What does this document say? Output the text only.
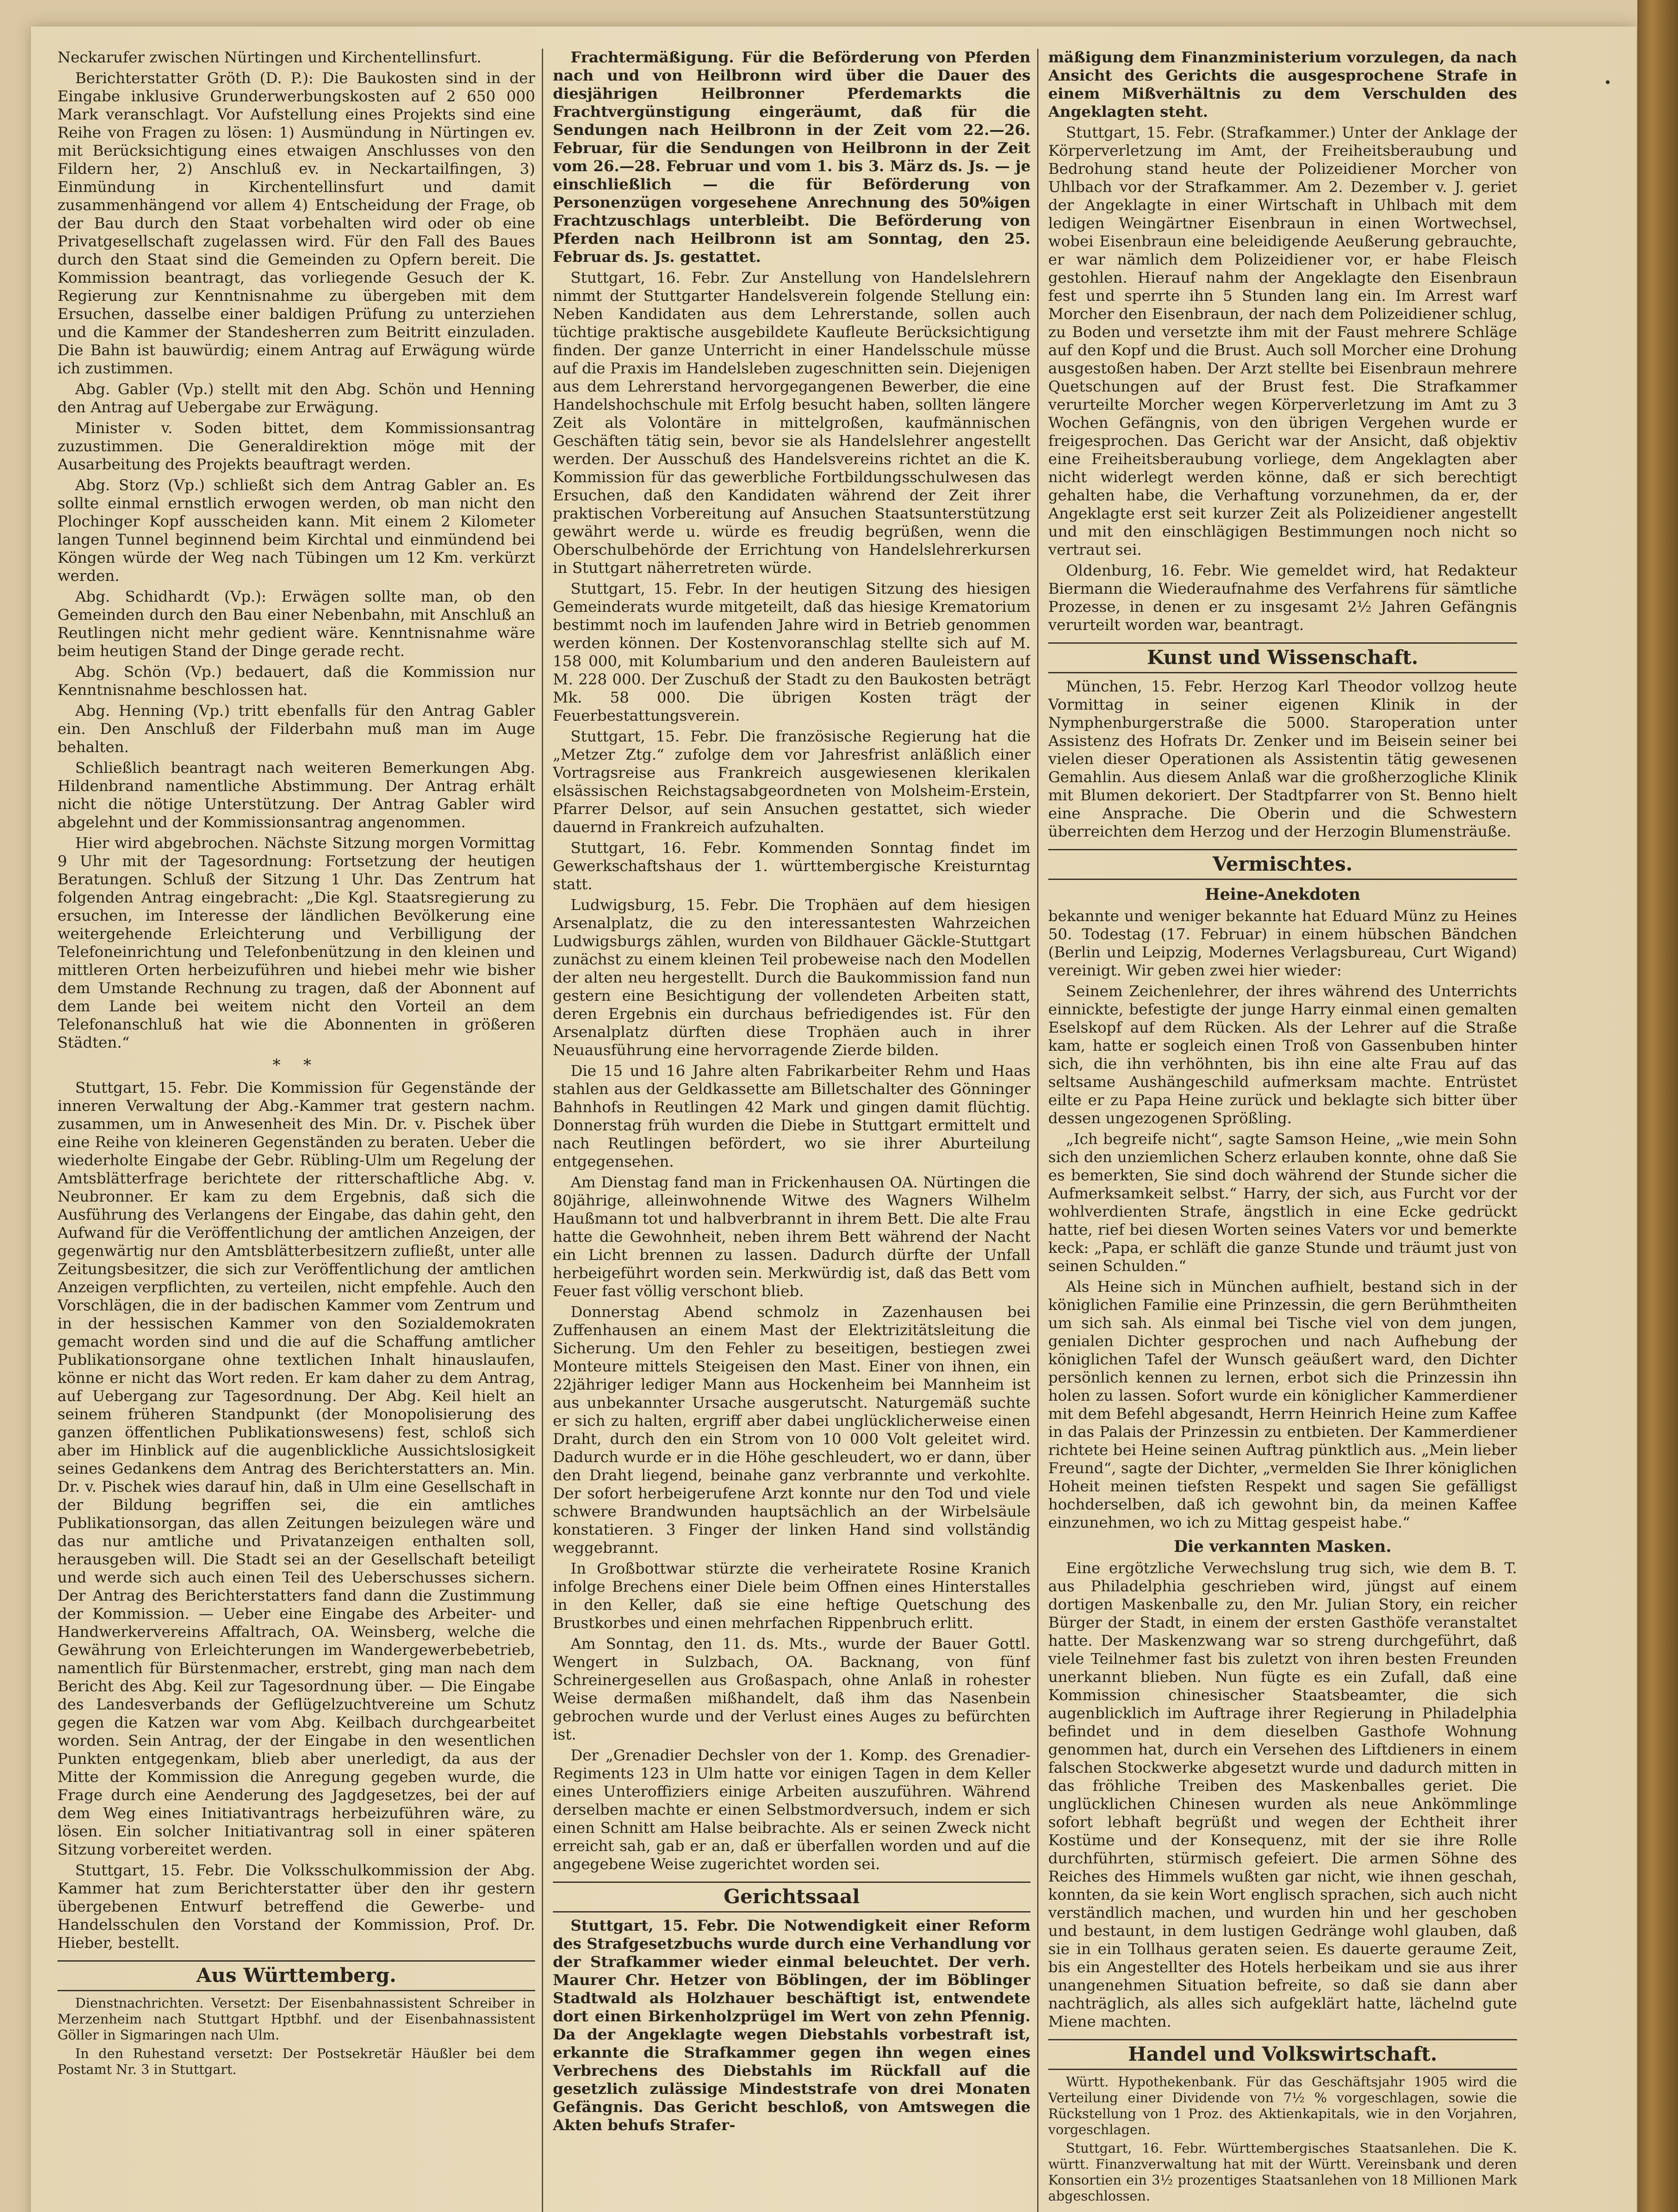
•

Neckarufer zwischen Nürtingen und Kirchentellinsfurt.

Berichterstatter Gröth (D. P.): Die Baukosten sind in der Eingabe inklusive Grunderwerbungskosten auf 2 650 000 Mark veranschlagt. Vor Aufstellung eines Projekts sind eine Reihe von Fragen zu lösen: 1) Ausmündung in Nürtingen ev. mit Berücksichtigung eines etwaigen Anschlusses von den Fildern her, 2) Anschluß ev. in Neckartailfingen, 3) Einmündung in Kirchentellinsfurt und damit zusammenhängend vor allem 4) Entscheidung der Frage, ob der Bau durch den Staat vorbehalten wird oder ob eine Privatgesellschaft zugelassen wird. Für den Fall des Baues durch den Staat sind die Gemeinden zu Opfern bereit. Die Kommission beantragt, das vorliegende Gesuch der K. Regierung zur Kenntnisnahme zu übergeben mit dem Ersuchen, dasselbe einer baldigen Prüfung zu unterziehen und die Kammer der Standesherren zum Beitritt einzuladen. Die Bahn ist bauwürdig; einem Antrag auf Erwägung würde ich zustimmen.

Abg. Gabler (Vp.) stellt mit den Abg. Schön und Henning den Antrag auf Uebergabe zur Erwägung.

Minister v. Soden bittet, dem Kommissionsantrag zuzustimmen. Die Generaldirektion möge mit der Ausarbeitung des Projekts beauftragt werden.

Abg. Storz (Vp.) schließt sich dem Antrag Gabler an. Es sollte einmal ernstlich erwogen werden, ob man nicht den Plochinger Kopf ausscheiden kann. Mit einem 2 Kilometer langen Tunnel beginnend beim Kirchtal und einmündend bei Köngen würde der Weg nach Tübingen um 12 Km. verkürzt werden.

Abg. Schidhardt (Vp.): Erwägen sollte man, ob den Gemeinden durch den Bau einer Nebenbahn, mit Anschluß an Reutlingen nicht mehr gedient wäre. Kenntnisnahme wäre beim heutigen Stand der Dinge gerade recht.

Abg. Schön (Vp.) bedauert, daß die Kommission nur Kenntnisnahme beschlossen hat.

Abg. Henning (Vp.) tritt ebenfalls für den Antrag Gabler ein. Den Anschluß der Filderbahn muß man im Auge behalten.

Schließlich beantragt nach weiteren Bemerkungen Abg. Hildenbrand namentliche Abstimmung. Der Antrag erhält nicht die nötige Unterstützung. Der Antrag Gabler wird abgelehnt und der Kommissionsantrag angenommen.

Hier wird abgebrochen. Nächste Sitzung morgen Vormittag 9 Uhr mit der Tagesordnung: Fortsetzung der heutigen Beratungen. Schluß der Sitzung 1 Uhr. Das Zentrum hat folgenden Antrag eingebracht: „Die Kgl. Staatsregierung zu ersuchen, im Interesse der ländlichen Bevölkerung eine weitergehende Erleichterung und Verbilligung der Telefoneinrichtung und Telefonbenützung in den kleinen und mittleren Orten herbeizuführen und hiebei mehr wie bisher dem Umstande Rechnung zu tragen, daß der Abonnent auf dem Lande bei weitem nicht den Vorteil an dem Telefonanschluß hat wie die Abonnenten in größeren Städten.“

* *

Stuttgart, 15. Febr. Die Kommission für Gegenstände der inneren Verwaltung der Abg.-Kammer trat gestern nachm. zusammen, um in Anwesenheit des Min. Dr. v. Pischek über eine Reihe von kleineren Gegenständen zu beraten. Ueber die wiederholte Eingabe der Gebr. Rübling-Ulm um Regelung der Amtsblätterfrage berichtete der ritterschaftliche Abg. v. Neubronner. Er kam zu dem Ergebnis, daß sich die Ausführung des Verlangens der Eingabe, das dahin geht, den Aufwand für die Veröffentlichung der amtlichen Anzeigen, der gegenwärtig nur den Amtsblätterbesitzern zufließt, unter alle Zeitungsbesitzer, die sich zur Veröffentlichung der amtlichen Anzeigen verpflichten, zu verteilen, nicht empfehle. Auch den Vorschlägen, die in der badischen Kammer vom Zentrum und in der hessischen Kammer von den Sozialdemokraten gemacht worden sind und die auf die Schaffung amtlicher Publikationsorgane ohne textlichen Inhalt hinauslaufen, könne er nicht das Wort reden. Er kam daher zu dem Antrag, auf Uebergang zur Tagesordnung. Der Abg. Keil hielt an seinem früheren Standpunkt (der Monopolisierung des ganzen öffentlichen Publikationswesens) fest, schloß sich aber im Hinblick auf die augenblickliche Aussichtslosigkeit seines Gedankens dem Antrag des Berichterstatters an. Min. Dr. v. Pischek wies darauf hin, daß in Ulm eine Gesellschaft in der Bildung begriffen sei, die ein amtliches Publikationsorgan, das allen Zeitungen beizulegen wäre und das nur amtliche und Privatanzeigen enthalten soll, herausgeben will. Die Stadt sei an der Gesellschaft beteiligt und werde sich auch einen Teil des Ueberschusses sichern. Der Antrag des Berichterstatters fand dann die Zustimmung der Kommission. — Ueber eine Eingabe des Arbeiter- und Handwerkervereins Affaltrach, OA. Weinsberg, welche die Gewährung von Erleichterungen im Wandergewerbebetrieb, namentlich für Bürstenmacher, erstrebt, ging man nach dem Bericht des Abg. Keil zur Tagesordnung über. — Die Eingabe des Landesverbands der Geflügelzuchtvereine um Schutz gegen die Katzen war vom Abg. Keilbach durchgearbeitet worden. Sein Antrag, der der Eingabe in den wesentlichen Punkten entgegenkam, blieb aber unerledigt, da aus der Mitte der Kommission die Anregung gegeben wurde, die Frage durch eine Aenderung des Jagdgesetzes, bei der auf dem Weg eines Initiativantrags herbeizuführen wäre, zu lösen. Ein solcher Initiativantrag soll in einer späteren Sitzung vorbereitet werden.

Stuttgart, 15. Febr. Die Volksschulkommission der Abg. Kammer hat zum Berichterstatter über den ihr gestern übergebenen Entwurf betreffend die Gewerbe- und Handelsschulen den Vorstand der Kommission, Prof. Dr. Hieber, bestellt.

Aus Württemberg.

Dienstnachrichten. Versetzt: Der Eisenbahnassistent Schreiber in Merzenheim nach Stuttgart Hptbhf. und der Eisenbahnassistent Göller in Sigmaringen nach Ulm.

In den Ruhestand versetzt: Der Postsekretär Häußler bei dem Postamt Nr. 3 in Stuttgart.

Frachtermäßigung. Für die Beförderung von Pferden nach und von Heilbronn wird über die Dauer des diesjährigen Heilbronner Pferdemarkts die Frachtvergünstigung eingeräumt, daß für die Sendungen nach Heilbronn in der Zeit vom 22.—26. Februar, für die Sendungen von Heilbronn in der Zeit vom 26.—28. Februar und vom 1. bis 3. März ds. Js. — je einschließlich — die für Beförderung von Personenzügen vorgesehene Anrechnung des 50%igen Frachtzuschlags unterbleibt. Die Beförderung von Pferden nach Heilbronn ist am Sonntag, den 25. Februar ds. Js. gestattet.

Stuttgart, 16. Febr. Zur Anstellung von Handelslehrern nimmt der Stuttgarter Handelsverein folgende Stellung ein: Neben Kandidaten aus dem Lehrerstande, sollen auch tüchtige praktische ausgebildete Kaufleute Berücksichtigung finden. Der ganze Unterricht in einer Handelsschule müsse auf die Praxis im Handelsleben zugeschnitten sein. Diejenigen aus dem Lehrerstand hervorgegangenen Bewerber, die eine Handelshochschule mit Erfolg besucht haben, sollten längere Zeit als Volontäre in mittelgroßen, kaufmännischen Geschäften tätig sein, bevor sie als Handelslehrer angestellt werden. Der Ausschuß des Handelsvereins richtet an die K. Kommission für das gewerbliche Fortbildungsschulwesen das Ersuchen, daß den Kandidaten während der Zeit ihrer praktischen Vorbereitung auf Ansuchen Staatsunterstützung gewährt werde u. würde es freudig begrüßen, wenn die Oberschulbehörde der Errichtung von Handelslehrerkursen in Stuttgart näherretreten würde.

Stuttgart, 15. Febr. In der heutigen Sitzung des hiesigen Gemeinderats wurde mitgeteilt, daß das hiesige Krematorium bestimmt noch im laufenden Jahre wird in Betrieb genommen werden können. Der Kostenvoranschlag stellte sich auf M. 158 000, mit Kolumbarium und den anderen Bauleistern auf M. 228 000. Der Zuschuß der Stadt zu den Baukosten beträgt Mk. 58 000. Die übrigen Kosten trägt der Feuerbestattungsverein.

Stuttgart, 15. Febr. Die französische Regierung hat die „Metzer Ztg.“ zufolge dem vor Jahresfrist anläßlich einer Vortragsreise aus Frankreich ausgewiesenen klerikalen elsässischen Reichstagsabgeordneten von Molsheim-Erstein, Pfarrer Delsor, auf sein Ansuchen gestattet, sich wieder dauernd in Frankreich aufzuhalten.

Stuttgart, 16. Febr. Kommenden Sonntag findet im Gewerkschaftshaus der 1. württembergische Kreisturntag statt.

Ludwigsburg, 15. Febr. Die Trophäen auf dem hiesigen Arsenalplatz, die zu den interessantesten Wahrzeichen Ludwigsburgs zählen, wurden von Bildhauer Gäckle-Stuttgart zunächst zu einem kleinen Teil probeweise nach den Modellen der alten neu hergestellt. Durch die Baukommission fand nun gestern eine Besichtigung der vollendeten Arbeiten statt, deren Ergebnis ein durchaus befriedigendes ist. Für den Arsenalplatz dürften diese Trophäen auch in ihrer Neuausführung eine hervorragende Zierde bilden.

Die 15 und 16 Jahre alten Fabrikarbeiter Rehm und Haas stahlen aus der Geldkassette am Billetschalter des Gönninger Bahnhofs in Reutlingen 42 Mark und gingen damit flüchtig. Donnerstag früh wurden die Diebe in Stuttgart ermittelt und nach Reutlingen befördert, wo sie ihrer Aburteilung entgegensehen.

Am Dienstag fand man in Frickenhausen OA. Nürtingen die 80jährige, alleinwohnende Witwe des Wagners Wilhelm Haußmann tot und halbverbrannt in ihrem Bett. Die alte Frau hatte die Gewohnheit, neben ihrem Bett während der Nacht ein Licht brennen zu lassen. Dadurch dürfte der Unfall herbeigeführt worden sein. Merkwürdig ist, daß das Bett vom Feuer fast völlig verschont blieb.

Donnerstag Abend schmolz in Zazenhausen bei Zuffenhausen an einem Mast der Elektrizitätsleitung die Sicherung. Um den Fehler zu beseitigen, bestiegen zwei Monteure mittels Steigeisen den Mast. Einer von ihnen, ein 22jähriger lediger Mann aus Hockenheim bei Mannheim ist aus unbekannter Ursache ausgerutscht. Naturgemäß suchte er sich zu halten, ergriff aber dabei unglücklicherweise einen Draht, durch den ein Strom von 10 000 Volt geleitet wird. Dadurch wurde er in die Höhe geschleudert, wo er dann, über den Draht liegend, beinahe ganz verbrannte und verkohlte. Der sofort herbeigerufene Arzt konnte nur den Tod und viele schwere Brandwunden hauptsächlich an der Wirbelsäule konstatieren. 3 Finger der linken Hand sind vollständig weggebrannt.

In Großbottwar stürzte die verheiratete Rosine Kranich infolge Brechens einer Diele beim Offnen eines Hinterstalles in den Keller, daß sie eine heftige Quetschung des Brustkorbes und einen mehrfachen Rippenbruch erlitt.

Am Sonntag, den 11. ds. Mts., wurde der Bauer Gottl. Wengert in Sulzbach, OA. Backnang, von fünf Schreinergesellen aus Großaspach, ohne Anlaß in rohester Weise dermaßen mißhandelt, daß ihm das Nasenbein gebrochen wurde und der Verlust eines Auges zu befürchten ist.

Der „Grenadier Dechsler von der 1. Komp. des Grenadier-Regiments 123 in Ulm hatte vor einigen Tagen in dem Keller eines Unteroffiziers einige Arbeiten auszuführen. Während derselben machte er einen Selbstmordversuch, indem er sich einen Schnitt am Halse beibrachte. Als er seinen Zweck nicht erreicht sah, gab er an, daß er überfallen worden und auf die angegebene Weise zugerichtet worden sei.

Gerichtssaal

Stuttgart, 15. Febr. Die Notwendigkeit einer Reform des Strafgesetzbuchs wurde durch eine Verhandlung vor der Strafkammer wieder einmal beleuchtet. Der verh. Maurer Chr. Hetzer von Böblingen, der im Böblinger Stadtwald als Holzhauer beschäftigt ist, entwendete dort einen Birkenholzprügel im Wert von zehn Pfennig. Da der Angeklagte wegen Diebstahls vorbestraft ist, erkannte die Strafkammer gegen ihn wegen eines Verbrechens des Diebstahls im Rückfall auf die gesetzlich zulässige Mindeststrafe von drei Monaten Gefängnis. Das Gericht beschloß, von Amtswegen die Akten behufs Strafer-

mäßigung dem Finanzministerium vorzulegen, da nach Ansicht des Gerichts die ausgesprochene Strafe in einem Mißverhältnis zu dem Verschulden des Angeklagten steht.

Stuttgart, 15. Febr. (Strafkammer.) Unter der Anklage der Körperverletzung im Amt, der Freiheitsberaubung und Bedrohung stand heute der Polizeidiener Morcher von Uhlbach vor der Strafkammer. Am 2. Dezember v. J. geriet der Angeklagte in einer Wirtschaft in Uhlbach mit dem ledigen Weingärtner Eisenbraun in einen Wortwechsel, wobei Eisenbraun eine beleidigende Aeußerung gebrauchte, er war nämlich dem Polizeidiener vor, er habe Fleisch gestohlen. Hierauf nahm der Angeklagte den Eisenbraun fest und sperrte ihn 5 Stunden lang ein. Im Arrest warf Morcher den Eisenbraun, der nach dem Polizeidiener schlug, zu Boden und versetzte ihm mit der Faust mehrere Schläge auf den Kopf und die Brust. Auch soll Morcher eine Drohung ausgestoßen haben. Der Arzt stellte bei Eisenbraun mehrere Quetschungen auf der Brust fest. Die Strafkammer verurteilte Morcher wegen Körperverletzung im Amt zu 3 Wochen Gefängnis, von den übrigen Vergehen wurde er freigesprochen. Das Gericht war der Ansicht, daß objektiv eine Freiheitsberaubung vorliege, dem Angeklagten aber nicht widerlegt werden könne, daß er sich berechtigt gehalten habe, die Verhaftung vorzunehmen, da er, der Angeklagte erst seit kurzer Zeit als Polizeidiener angestellt und mit den einschlägigen Bestimmungen noch nicht so vertraut sei.

Oldenburg, 16. Febr. Wie gemeldet wird, hat Redakteur Biermann die Wiederaufnahme des Verfahrens für sämtliche Prozesse, in denen er zu insgesamt 2½ Jahren Gefängnis verurteilt worden war, beantragt.

Kunst und Wissenschaft.

München, 15. Febr. Herzog Karl Theodor vollzog heute Vormittag in seiner eigenen Klinik in der Nymphenburgerstraße die 5000. Staroperation unter Assistenz des Hofrats Dr. Zenker und im Beisein seiner bei vielen dieser Operationen als Assistentin tätig gewesenen Gemahlin. Aus diesem Anlaß war die großherzogliche Klinik mit Blumen dekoriert. Der Stadtpfarrer von St. Benno hielt eine Ansprache. Die Oberin und die Schwestern überreichten dem Herzog und der Herzogin Blumensträuße.

Vermischtes.
Heine-Anekdoten

bekannte und weniger bekannte hat Eduard Münz zu Heines 50. Todestag (17. Februar) in einem hübschen Bändchen (Berlin und Leipzig, Modernes Verlagsbureau, Curt Wigand) vereinigt. Wir geben zwei hier wieder:

Seinem Zeichenlehrer, der ihres während des Unterrichts einnickte, befestigte der junge Harry einmal einen gemalten Eselskopf auf dem Rücken. Als der Lehrer auf die Straße kam, hatte er sogleich einen Troß von Gassenbuben hinter sich, die ihn verhöhnten, bis ihn eine alte Frau auf das seltsame Aushängeschild aufmerksam machte. Entrüstet eilte er zu Papa Heine zurück und beklagte sich bitter über dessen ungezogenen Sprößling.

„Ich begreife nicht“, sagte Samson Heine, „wie mein Sohn sich den unziemlichen Scherz erlauben konnte, ohne daß Sie es bemerkten, Sie sind doch während der Stunde sicher die Aufmerksamkeit selbst.“ Harry, der sich, aus Furcht vor der wohlverdienten Strafe, ängstlich in eine Ecke gedrückt hatte, rief bei diesen Worten seines Vaters vor und bemerkte keck: „Papa, er schläft die ganze Stunde und träumt just von seinen Schulden.“

Als Heine sich in München aufhielt, bestand sich in der königlichen Familie eine Prinzessin, die gern Berühmtheiten um sich sah. Als einmal bei Tische viel von dem jungen, genialen Dichter gesprochen und nach Aufhebung der königlichen Tafel der Wunsch geäußert ward, den Dichter persönlich kennen zu lernen, erbot sich die Prinzessin ihn holen zu lassen. Sofort wurde ein königlicher Kammerdiener mit dem Befehl abgesandt, Herrn Heinrich Heine zum Kaffee in das Palais der Prinzessin zu entbieten. Der Kammerdiener richtete bei Heine seinen Auftrag pünktlich aus. „Mein lieber Freund“, sagte der Dichter, „vermelden Sie Ihrer königlichen Hoheit meinen tiefsten Respekt und sagen Sie gefälligst hochderselben, daß ich gewohnt bin, da meinen Kaffee einzunehmen, wo ich zu Mittag gespeist habe.“

Die verkannten Masken.

Eine ergötzliche Verwechslung trug sich, wie dem B. T. aus Philadelphia geschrieben wird, jüngst auf einem dortigen Maskenballe zu, den Mr. Julian Story, ein reicher Bürger der Stadt, in einem der ersten Gasthöfe veranstaltet hatte. Der Maskenzwang war so streng durchgeführt, daß viele Teilnehmer fast bis zuletzt von ihren besten Freunden unerkannt blieben. Nun fügte es ein Zufall, daß eine Kommission chinesischer Staatsbeamter, die sich augenblicklich im Auftrage ihrer Regierung in Philadelphia befindet und in dem dieselben Gasthofe Wohnung genommen hat, durch ein Versehen des Liftdieners in einem falschen Stockwerke abgesetzt wurde und dadurch mitten in das fröhliche Treiben des Maskenballes geriet. Die unglücklichen Chinesen wurden als neue Ankömmlinge sofort lebhaft begrüßt und wegen der Echtheit ihrer Kostüme und der Konsequenz, mit der sie ihre Rolle durchführten, stürmisch gefeiert. Die armen Söhne des Reiches des Himmels wußten gar nicht, wie ihnen geschah, konnten, da sie kein Wort englisch sprachen, sich auch nicht verständlich machen, und wurden hin und her geschoben und bestaunt, in dem lustigen Gedränge wohl glauben, daß sie in ein Tollhaus geraten seien. Es dauerte geraume Zeit, bis ein Angestellter des Hotels herbeikam und sie aus ihrer unangenehmen Situation befreite, so daß sie dann aber nachträglich, als alles sich aufgeklärt hatte, lächelnd gute Miene machten.

Handel und Volkswirtschaft.

Württ. Hypothekenbank. Für das Geschäftsjahr 1905 wird die Verteilung einer Dividende von 7½ % vorgeschlagen, sowie die Rückstellung von 1 Proz. des Aktienkapitals, wie in den Vorjahren, vorgeschlagen.

Stuttgart, 16. Febr. Württembergisches Staatsanlehen. Die K. württ. Finanzverwaltung hat mit der Württ. Vereinsbank und deren Konsortien ein 3½ prozentiges Staatsanlehen von 18 Millionen Mark abgeschlossen.
